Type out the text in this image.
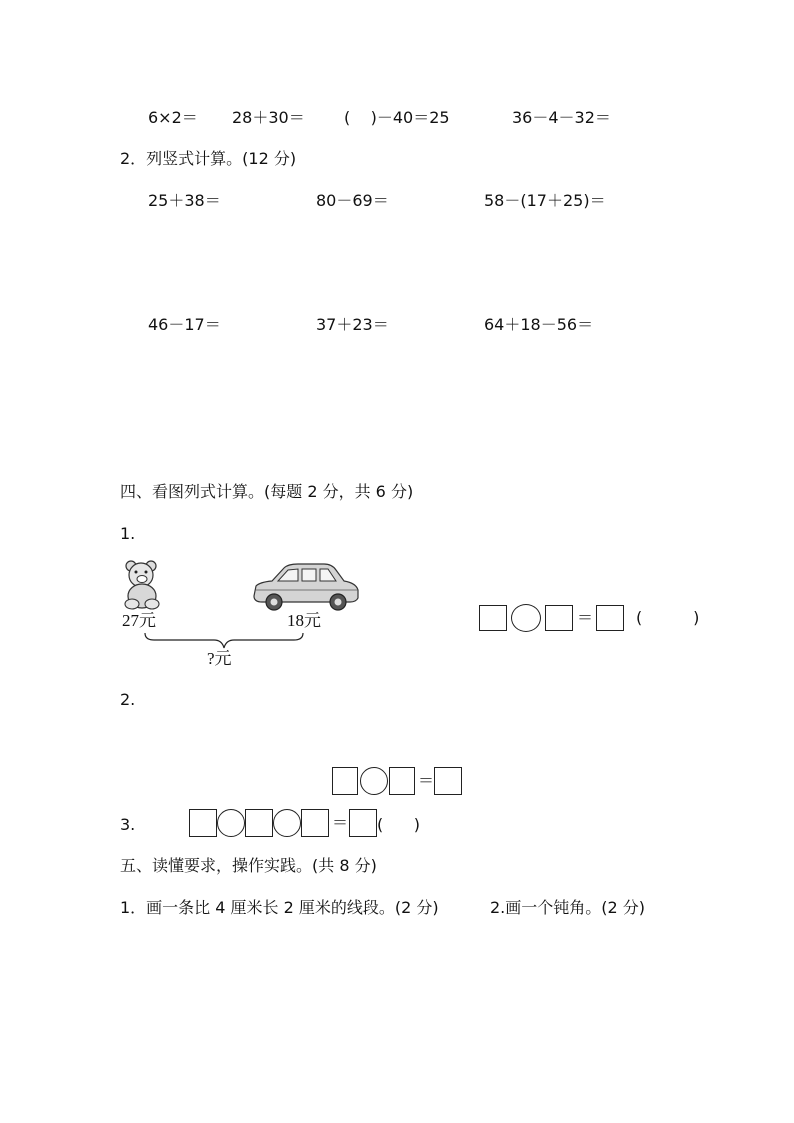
6×2＝ 28＋30＝ (    )－40＝25	36－4－32＝
2．列竖式计算。(12 分)
25＋38＝	80－69＝	58－(17＋25)＝
46－17＝	37＋23＝	64＋18－56＝
四、看图列式计算。(每题 2 分，共 6 分)
1.
27元	18元
?元
＝	(          )
2.
＝
3.	＝ (      )
五、读懂要求，操作实践。(共 8 分)
1．画一条比 4 厘米长 2 厘米的线段。(2 分)	2.画一个钝角。(2 分)
